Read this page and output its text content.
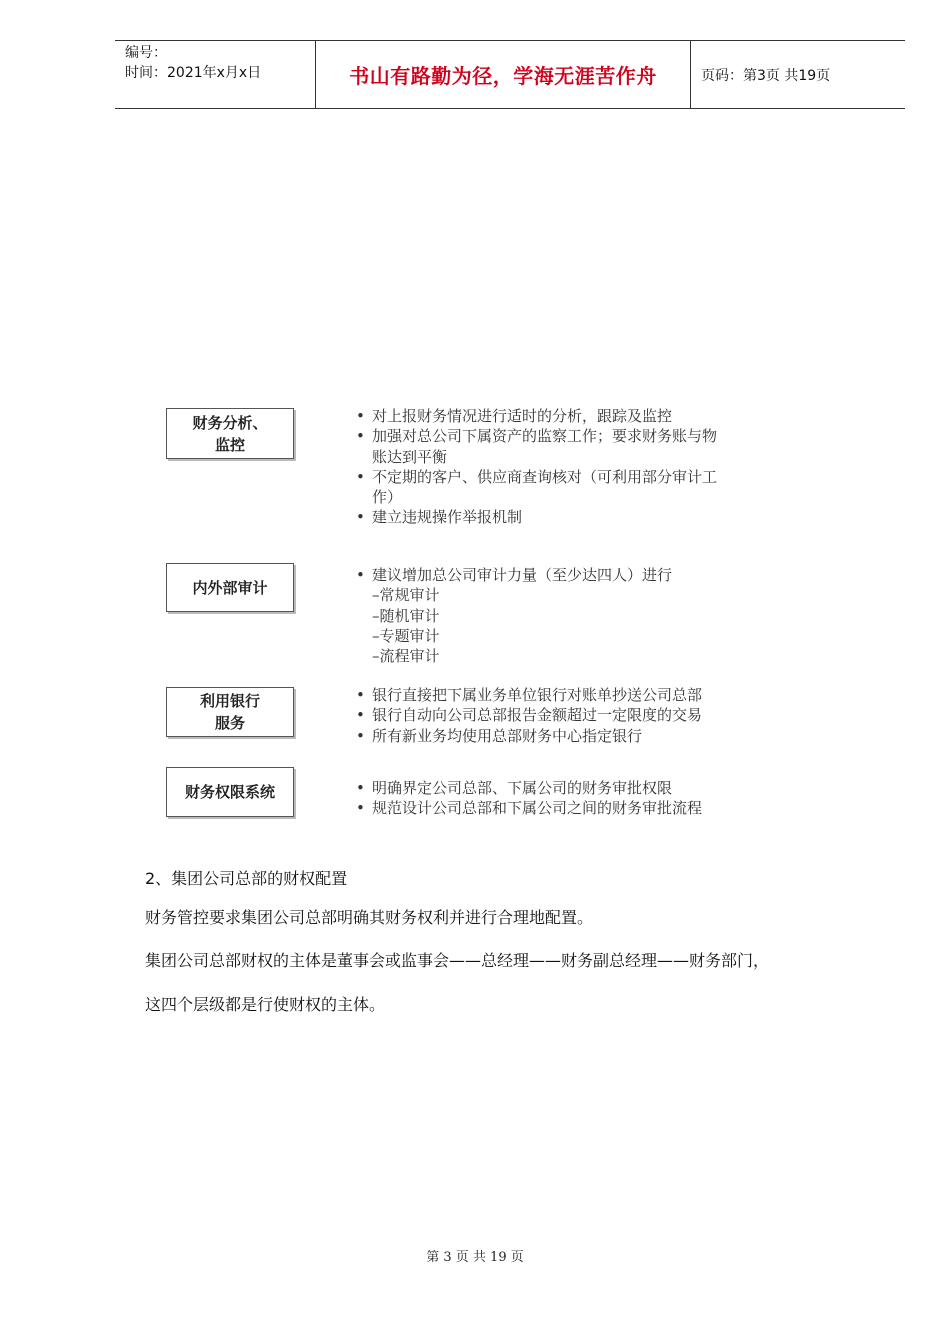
编号：
时间：2021年x月x日	书山有路勤为径，学海无涯苦作舟	页码：第3页 共19页
财务分析、
监控
• 对上报财务情况进行适时的分析，跟踪及监控
• 加强对总公司下属资产的监察工作；要求财务账与物
账达到平衡
• 不定期的客户、供应商查询核对（可利用部分审计工
作）
• 建立违规操作举报机制
内外部审计
• 建议增加总公司审计力量（至少达四人）进行
–常规审计
–随机审计
–专题审计
–流程审计
利用银行
服务
• 银行直接把下属业务单位银行对账单抄送公司总部
• 银行自动向公司总部报告金额超过一定限度的交易
• 所有新业务均使用总部财务中心指定银行
财务权限系统	• 明确界定公司总部、下属公司的财务审批权限
• 规范设计公司总部和下属公司之间的财务审批流程
2、集团公司总部的财权配置
财务管控要求集团公司总部明确其财务权利并进行合理地配置。
集团公司总部财权的主体是董事会或监事会——总经理——财务副总经理——财务部门，
这四个层级都是行使财权的主体。
第 3 页 共 19 页
